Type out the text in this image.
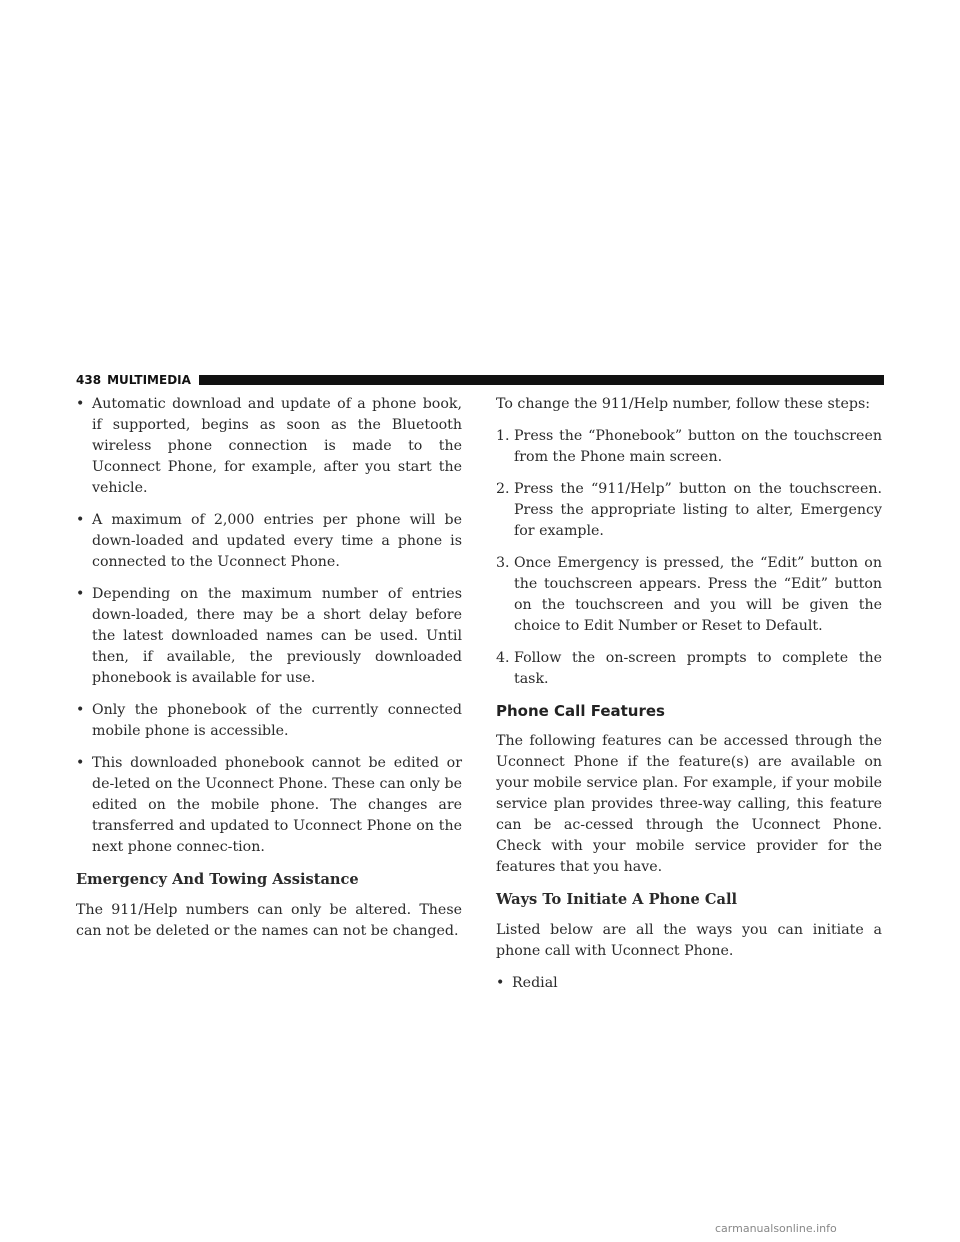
438 MULTIMEDIA
• Automatic download and update of a phone book, if supported, begins as soon as the Bluetooth wireless phone connection is made to the Uconnect Phone, for example, after you start the vehicle.
• A maximum of 2,000 entries per phone will be down-loaded and updated every time a phone is connected to the Uconnect Phone.
• Depending on the maximum number of entries down-loaded, there may be a short delay before the latest downloaded names can be used. Until then, if available, the previously downloaded phonebook is available for use.
• Only the phonebook of the currently connected mobile phone is accessible.
• This downloaded phonebook cannot be edited or de-leted on the Uconnect Phone. These can only be edited on the mobile phone. The changes are transferred and updated to Uconnect Phone on the next phone connec-tion.
Emergency And Towing Assistance

The 911/Help numbers can only be altered. These can not be deleted or the names can not be changed.

To change the 911/Help number, follow these steps:

1. Press the “Phonebook” button on the touchscreen from the Phone main screen.
2. Press the “911/Help” button on the touchscreen. Press the appropriate listing to alter, Emergency for example.
3. Once Emergency is pressed, the “Edit” button on the touchscreen appears. Press the “Edit” button on the touchscreen and you will be given the choice to Edit Number or Reset to Default.
4. Follow the on-screen prompts to complete the task.
Phone Call Features

The following features can be accessed through the Uconnect Phone if the feature(s) are available on your mobile service plan. For example, if your mobile service plan provides three-way calling, this feature can be ac-cessed through the Uconnect Phone. Check with your mobile service provider for the features that you have.

Ways To Initiate A Phone Call

Listed below are all the ways you can initiate a phone call with Uconnect Phone.

• Redial
carmanualsonline.info
